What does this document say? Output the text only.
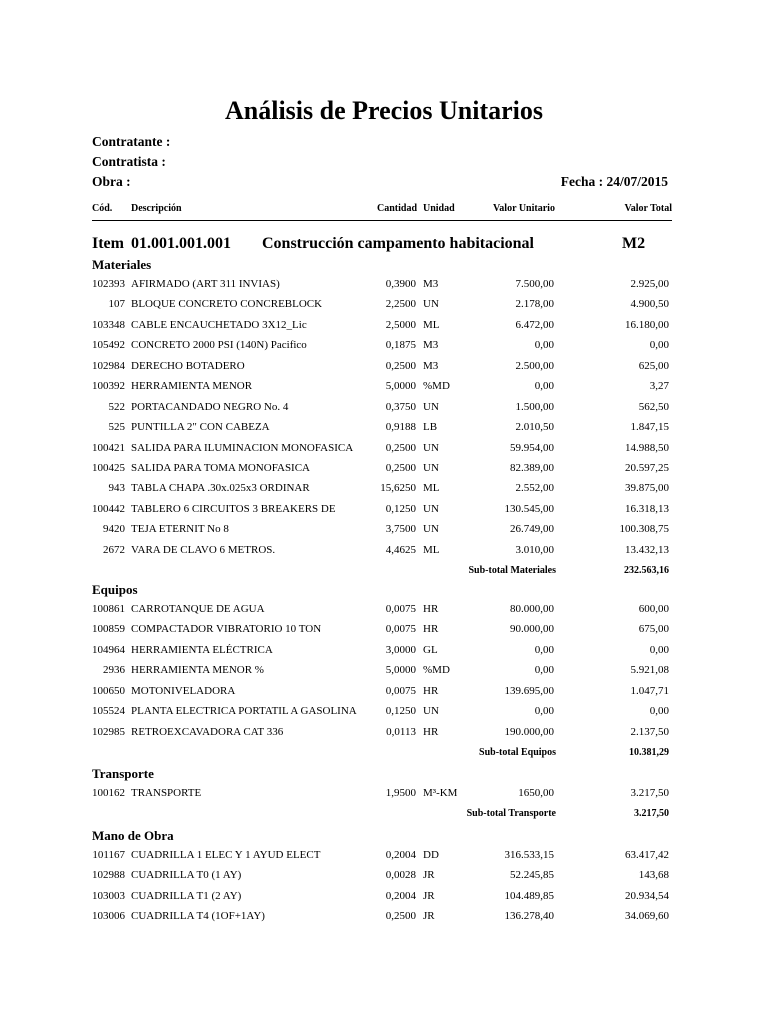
Análisis de Precios Unitarios
Contratante :
Contratista :
Obra :	Fecha : 24/07/2015
Cód. Descripción	Cantidad Unidad	Valor Unitario	Valor Total
Item 01.001.001.001 Construcción campamento habitacional	M2
Materiales
102393 AFIRMADO (ART 311 INVIAS)	0,3900 M3	7.500,00	2.925,00
107 BLOQUE CONCRETO CONCREBLOCK	2,2500 UN	2.178,00	4.900,50
103348 CABLE ENCAUCHETADO 3X12_Lic	2,5000 ML	6.472,00	16.180,00
105492 CONCRETO 2000 PSI (140N) Pacifico	0,1875 M3	0,00	0,00
102984 DERECHO BOTADERO	0,2500 M3	2.500,00	625,00
100392 HERRAMIENTA MENOR	5,0000 %MD	0,00	3,27
522 PORTACANDADO NEGRO No. 4	0,3750 UN	1.500,00	562,50
525 PUNTILLA 2" CON CABEZA	0,9188 LB	2.010,50	1.847,15
100421 SALIDA PARA ILUMINACION MONOFASICA	0,2500 UN	59.954,00	14.988,50
100425 SALIDA PARA TOMA MONOFASICA	0,2500 UN	82.389,00	20.597,25
943 TABLA CHAPA .30x.025x3 ORDINAR	15,6250 ML	2.552,00	39.875,00
100442 TABLERO 6 CIRCUITOS 3 BREAKERS DE	0,1250 UN	130.545,00	16.318,13
9420 TEJA ETERNIT No 8	3,7500 UN	26.749,00	100.308,75
2672 VARA DE CLAVO 6 METROS.	4,4625 ML	3.010,00	13.432,13
Sub-total Materiales	232.563,16
Equipos
100861 CARROTANQUE DE AGUA	0,0075 HR	80.000,00	600,00
100859 COMPACTADOR VIBRATORIO 10 TON	0,0075 HR	90.000,00	675,00
104964 HERRAMIENTA ELÉCTRICA	3,0000 GL	0,00	0,00
2936 HERRAMIENTA MENOR %	5,0000 %MD	0,00	5.921,08
100650 MOTONIVELADORA	0,0075 HR	139.695,00	1.047,71
105524 PLANTA ELECTRICA PORTATIL A GASOLINA	0,1250 UN	0,00	0,00
102985 RETROEXCAVADORA CAT 336	0,0113 HR	190.000,00	2.137,50
Sub-total Equipos	10.381,29
Transporte
100162 TRANSPORTE	1,9500 M³-KM	1650,00	3.217,50
Sub-total Transporte	3.217,50
Mano de Obra
101167 CUADRILLA 1 ELEC Y 1 AYUD ELECT	0,2004 DD	316.533,15	63.417,42
102988 CUADRILLA T0 (1 AY)	0,0028 JR	52.245,85	143,68
103003 CUADRILLA T1 (2 AY)	0,2004 JR	104.489,85	20.934,54
103006 CUADRILLA T4 (1OF+1AY)	0,2500 JR	136.278,40	34.069,60
